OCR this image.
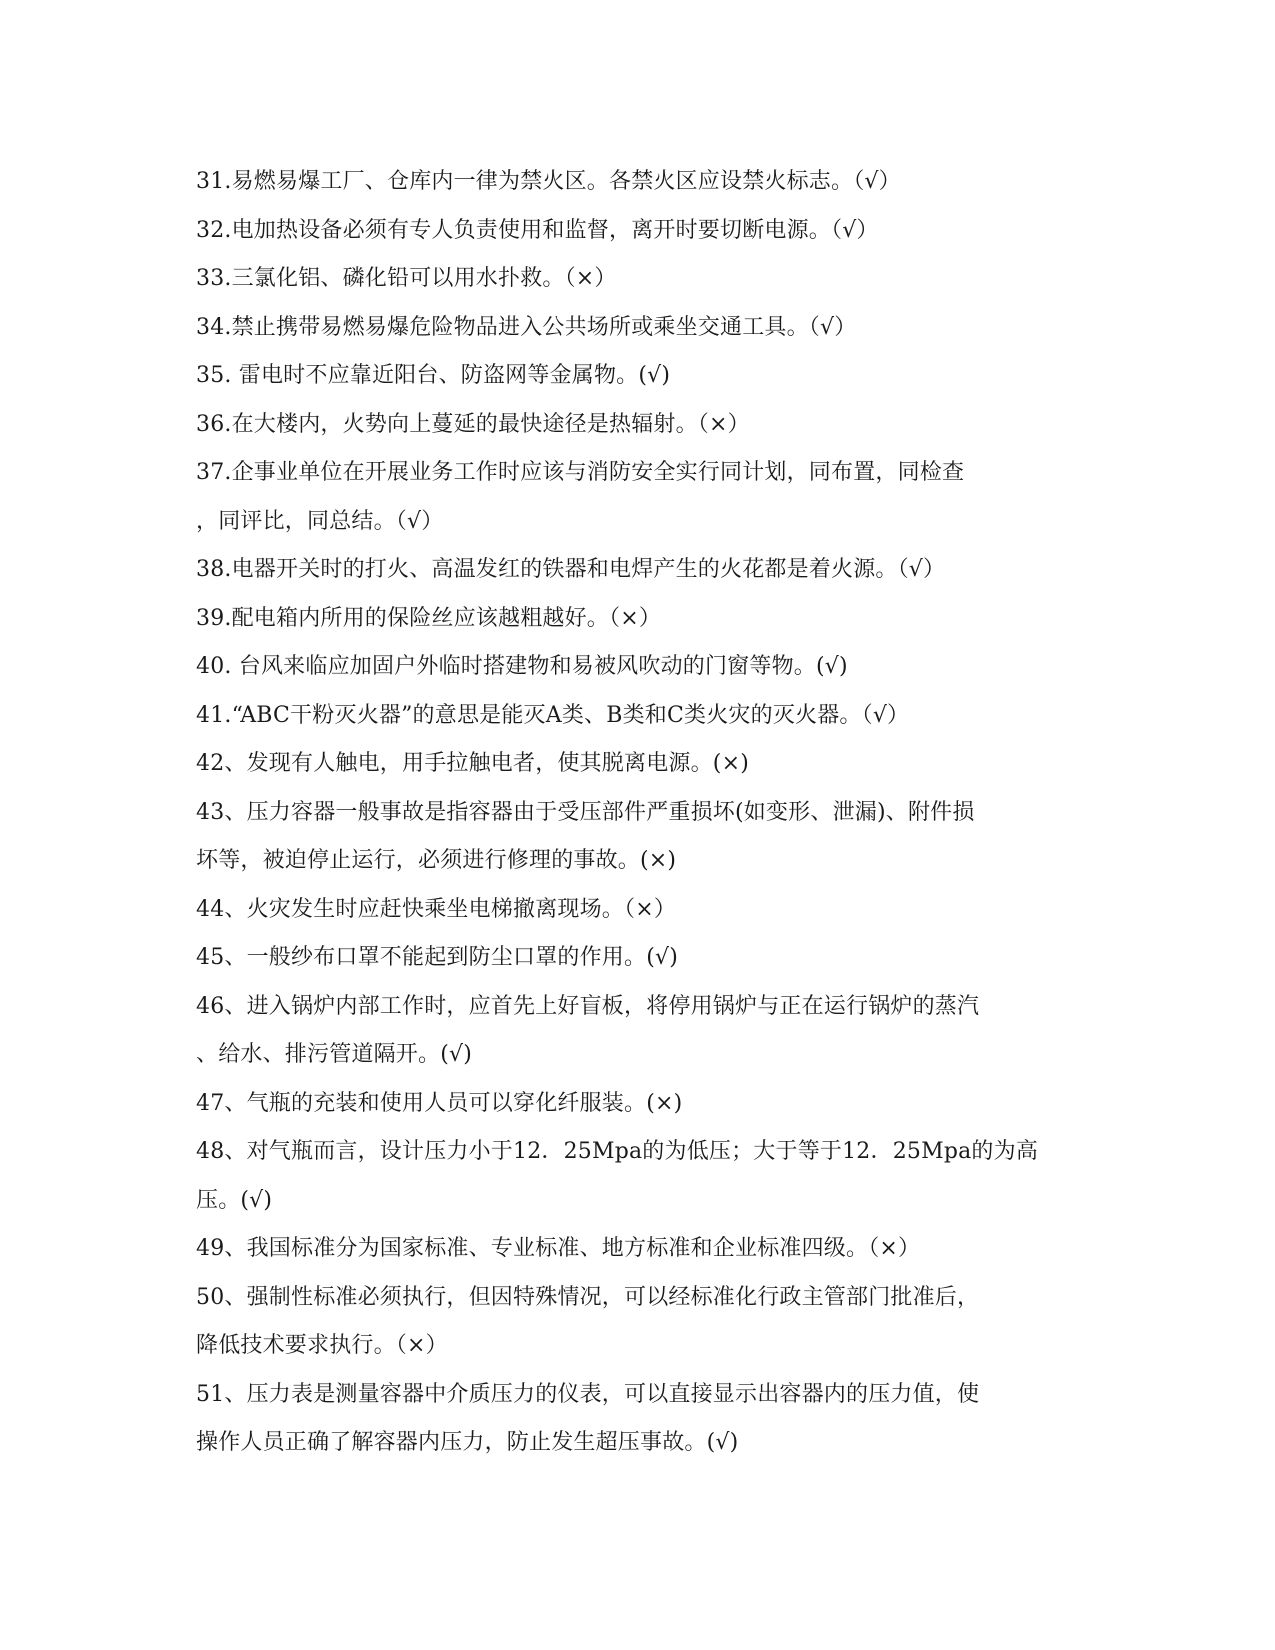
31.易燃易爆工厂、仓库内一律为禁火区。各禁火区应设禁火标志。（√）
32.电加热设备必须有专人负责使用和监督，离开时要切断电源。（√）
33.三氯化铝、磷化铅可以用水扑救。（×）
34.禁止携带易燃易爆危险物品进入公共场所或乘坐交通工具。（√）
35. 雷电时不应靠近阳台、防盗网等金属物。(√)
36.在大楼内，火势向上蔓延的最快途径是热辐射。（×）
37.企事业单位在开展业务工作时应该与消防安全实行同计划，同布置，同检查
，同评比，同总结。（√）
38.电器开关时的打火、高温发红的铁器和电焊产生的火花都是着火源。（√）
39.配电箱内所用的保险丝应该越粗越好。（×）
40. 台风来临应加固户外临时搭建物和易被风吹动的门窗等物。(√)
41.“ABC干粉灭火器”的意思是能灭A类、B类和C类火灾的灭火器。（√）
42、发现有人触电，用手拉触电者，使其脱离电源。(×)
43、压力容器一般事故是指容器由于受压部件严重损坏(如变形、泄漏)、附件损
坏等，被迫停止运行，必须进行修理的事故。(×)
44、火灾发生时应赶快乘坐电梯撤离现场。（×）
45、一般纱布口罩不能起到防尘口罩的作用。(√)
46、进入锅炉内部工作时，应首先上好盲板，将停用锅炉与正在运行锅炉的蒸汽
、给水、排污管道隔开。(√)
47、气瓶的充装和使用人员可以穿化纤服装。(×)
48、对气瓶而言，设计压力小于12．25Mpa的为低压；大于等于12．25Mpa的为高
压。(√)
49、我国标准分为国家标准、专业标准、地方标准和企业标准四级。（×）
50、强制性标准必须执行，但因特殊情况，可以经标准化行政主管部门批准后，
降低技术要求执行。（×）
51、压力表是测量容器中介质压力的仪表，可以直接显示出容器内的压力值，使
操作人员正确了解容器内压力，防止发生超压事故。(√)
